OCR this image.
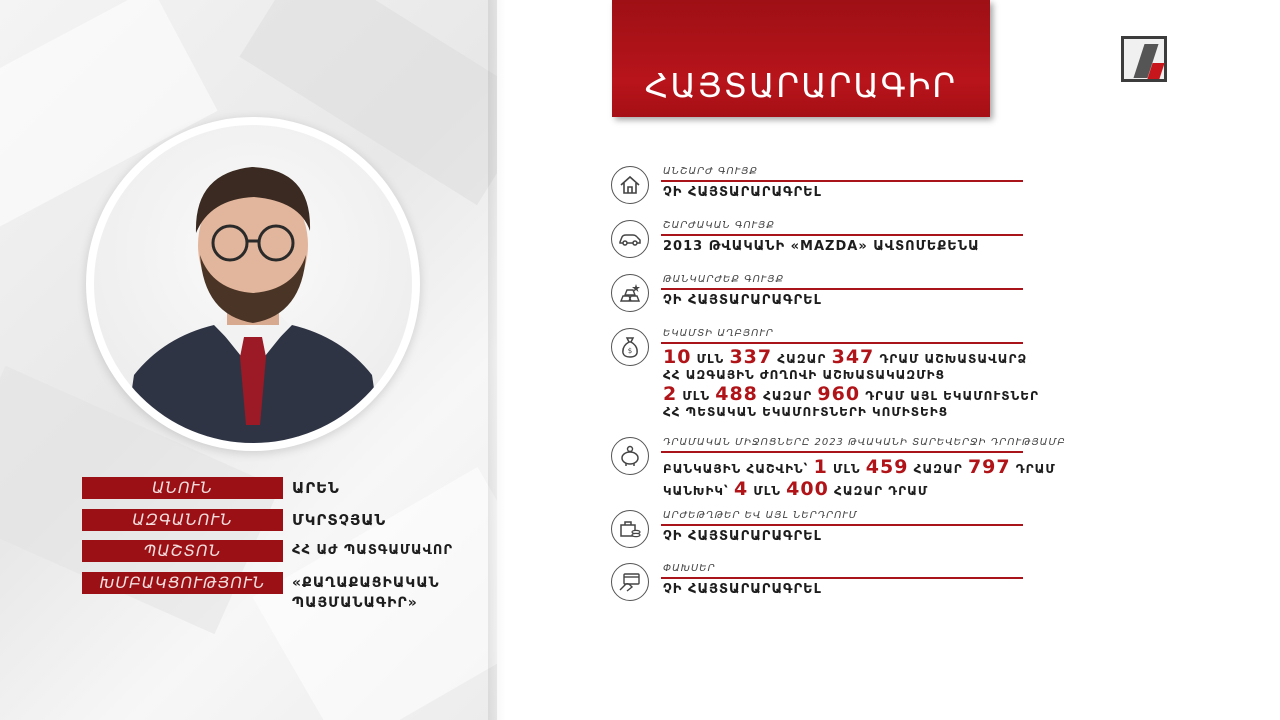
ԱՆՈՒՆ	ԱՐԵՆ
ԱԶԳԱՆՈՒՆ	ՄԿՐՏՉՅԱՆ
ՊԱՇՏՈՆ	ՀՀ ԱԺ ՊԱՏԳԱՄԱՎՈՐ
ԽՄԲԱԿՑՈՒԹՅՈՒՆ	«ՔԱՂԱՔԱՑԻԱԿԱՆ
ՊԱՅՄԱՆԱԳԻՐ»
ՀԱՅՏԱՐԱՐԱԳԻՐ
ԱՆՇԱՐԺ ԳՈՒՅՔ
ՉԻ ՀԱՅՏԱՐԱՐԱԳՐԵԼ
ՇԱՐԺԱԿԱՆ ԳՈՒՅՔ
2013 ԹՎԱԿԱՆԻ «MAZDA» ԱՎՏՈՄԵՔԵՆԱ
ԹԱՆԿԱՐԺԵՔ ԳՈՒՅՔ
ՉԻ ՀԱՅՏԱՐԱՐԱԳՐԵԼ
$
ԵԿԱՄՏԻ ԱՂԲՅՈՒՐ
10 ՄԼՆ 337 ՀԱԶԱՐ 347 ԴՐԱՄ ԱՇԽԱՏԱՎԱՐՁ
ՀՀ ԱԶԳԱՅԻՆ ԺՈՂՈՎԻ ԱՇԽԱՏԱԿԱԶՄԻՑ
2 ՄԼՆ 488 ՀԱԶԱՐ 960 ԴՐԱՄ ԱՅԼ ԵԿԱՄՈՒՏՆԵՐ
ՀՀ ՊԵՏԱԿԱՆ ԵԿԱՄՈՒՏՆԵՐԻ ԿՈՄԻՏԵԻՑ
ԴՐԱՄԱԿԱՆ ՄԻՋՈՑՆԵՐԸ 2023 ԹՎԱԿԱՆԻ ՏԱՐԵՎԵՐՋԻ ԴՐՈՒԹՅԱՄԲ
ԲԱՆԿԱՅԻՆ ՀԱՇՎԻՆ՝ 1 ՄԼՆ 459 ՀԱԶԱՐ 797 ԴՐԱՄ
ԿԱՆԽԻԿ՝ 4 ՄԼՆ 400 ՀԱԶԱՐ ԴՐԱՄ
ԱՐԺԵԹՂԹԵՐ ԵՎ ԱՅԼ ՆԵՐԴՐՈՒՄ
ՉԻ ՀԱՅՏԱՐԱՐԱԳՐԵԼ
ՓԱԽՍԵՐ
ՉԻ ՀԱՅՏԱՐԱՐԱԳՐԵԼ
